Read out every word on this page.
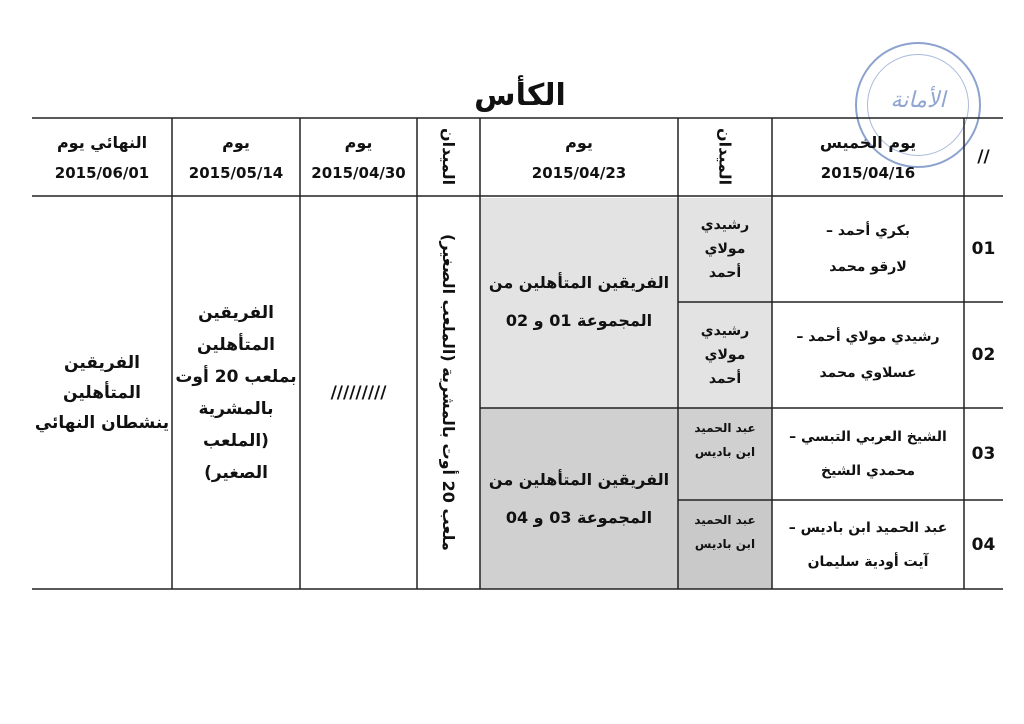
الكأس	الأمانة
//
يوم الخميس
2015/04/16
الميدان
يوم
2015/04/23
الميدان
يوم
2015/04/30
يوم
2015/05/14
النهائي يوم
2015/06/01
01
بكري أحمد –
لارقو محمد
رشيدي
مولاي
أحمد
02
رشيدي مولاي أحمد –
عسلاوي محمد
رشيدي
مولاي
أحمد
03
الشيخ العربي التبسي –
محمدي الشيخ
عبد الحميد
ابن باديس
04
عبد الحميد ابن باديس –
آيت أودية سليمان
عبد الحميد
ابن باديس
الفريقين المتأهلين من
المجموعة 01 و 02
الفريقين المتأهلين من
المجموعة 03 و 04
ملعب 20 أوت بالمشرية (الملعب الصغير)
/////////
الفريقين
المتأهلين
بملعب 20 أوت
بالمشرية
(الملعب الصغير)
الفريقين المتأهلين
ينشطان النهائي
